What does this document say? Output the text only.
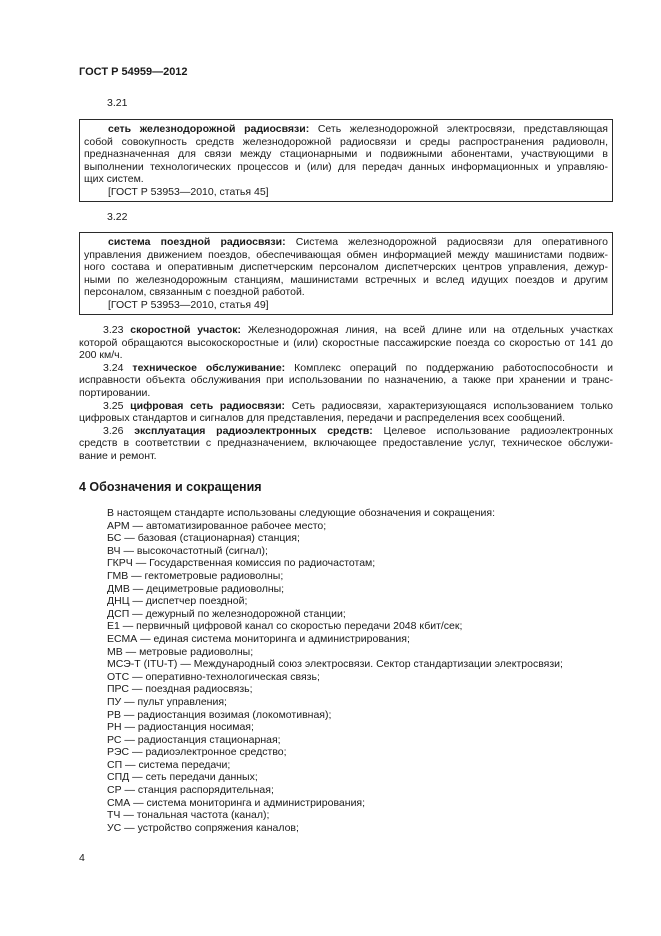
ГОСТ Р 54959—2012
3.21

сеть железнодорожной радиосвязи: Сеть железнодорожной электросвязи, представляющая

собой совокупность средств железнодорожной радиосвязи и среды распространения радиоволн,

предназначенная для связи между стационарными и подвижными абонентами, участвующими в

выполнении технологических процессов и (или) для передач данных информационных и управляю-

щих систем.

[ГОСТ Р 53953—2010, статья 45]

3.22

система поездной радиосвязи: Система железнодорожной радиосвязи для оперативного

управления движением поездов, обеспечивающая обмен информацией между машинистами подвиж-

ного состава и оперативным диспетчерским персоналом диспетчерских центров управления, дежур-

ными по железнодорожным станциям, машинистами встречных и вслед идущих поездов и другим

персоналом, связанным с поездной работой.

[ГОСТ Р 53953—2010, статья 49]

3.23 скоростной участок: Железнодорожная линия, на всей длине или на отдельных участках

которой обращаются высокоскоростные и (или) скоростные пассажирские поезда со скоростью от 141 до

200 км/ч.

3.24 техническое обслуживание: Комплекс операций по поддержанию работоспособности и

исправности объекта обслуживания при использовании по назначению, а также при хранении и транс-

портировании.

3.25 цифровая сеть радиосвязи: Сеть радиосвязи, характеризующаяся использованием только

цифровых стандартов и сигналов для представления, передачи и распределения всех сообщений.

3.26 эксплуатация радиоэлектронных средств: Целевое использование радиоэлектронных

средств в соответствии с предназначением, включающее предоставление услуг, техническое обслужи-

вание и ремонт.

4 Обозначения и сокращения
В настоящем стандарте использованы следующие обозначения и сокращения:
АРМ — автоматизированное рабочее место;
БС — базовая (стационарная) станция;
ВЧ — высокочастотный (сигнал);
ГКРЧ — Государственная комиссия по радиочастотам;
ГМВ — гектометровые радиоволны;
ДМВ — дециметровые радиоволны;
ДНЦ — диспетчер поездной;
ДСП — дежурный по железнодорожной станции;
Е1 — первичный цифровой канал со скоростью передачи 2048 кбит/сек;
ЕСМА — единая система мониторинга и администрирования;
МВ — метровые радиоволны;
МСЭ-Т (ITU-T) — Международный союз электросвязи. Сектор стандартизации электросвязи;
ОТС — оперативно-технологическая связь;
ПРС — поездная радиосвязь;
ПУ — пульт управления;
РВ — радиостанция возимая (локомотивная);
РН — радиостанция носимая;
РС — радиостанция стационарная;
РЭС — радиоэлектронное средство;
СП — система передачи;
СПД — сеть передачи данных;
СР — станция распорядительная;
СМА — система мониторинга и администрирования;
ТЧ — тональная частота (канал);
УС — устройство сопряжения каналов;
4
